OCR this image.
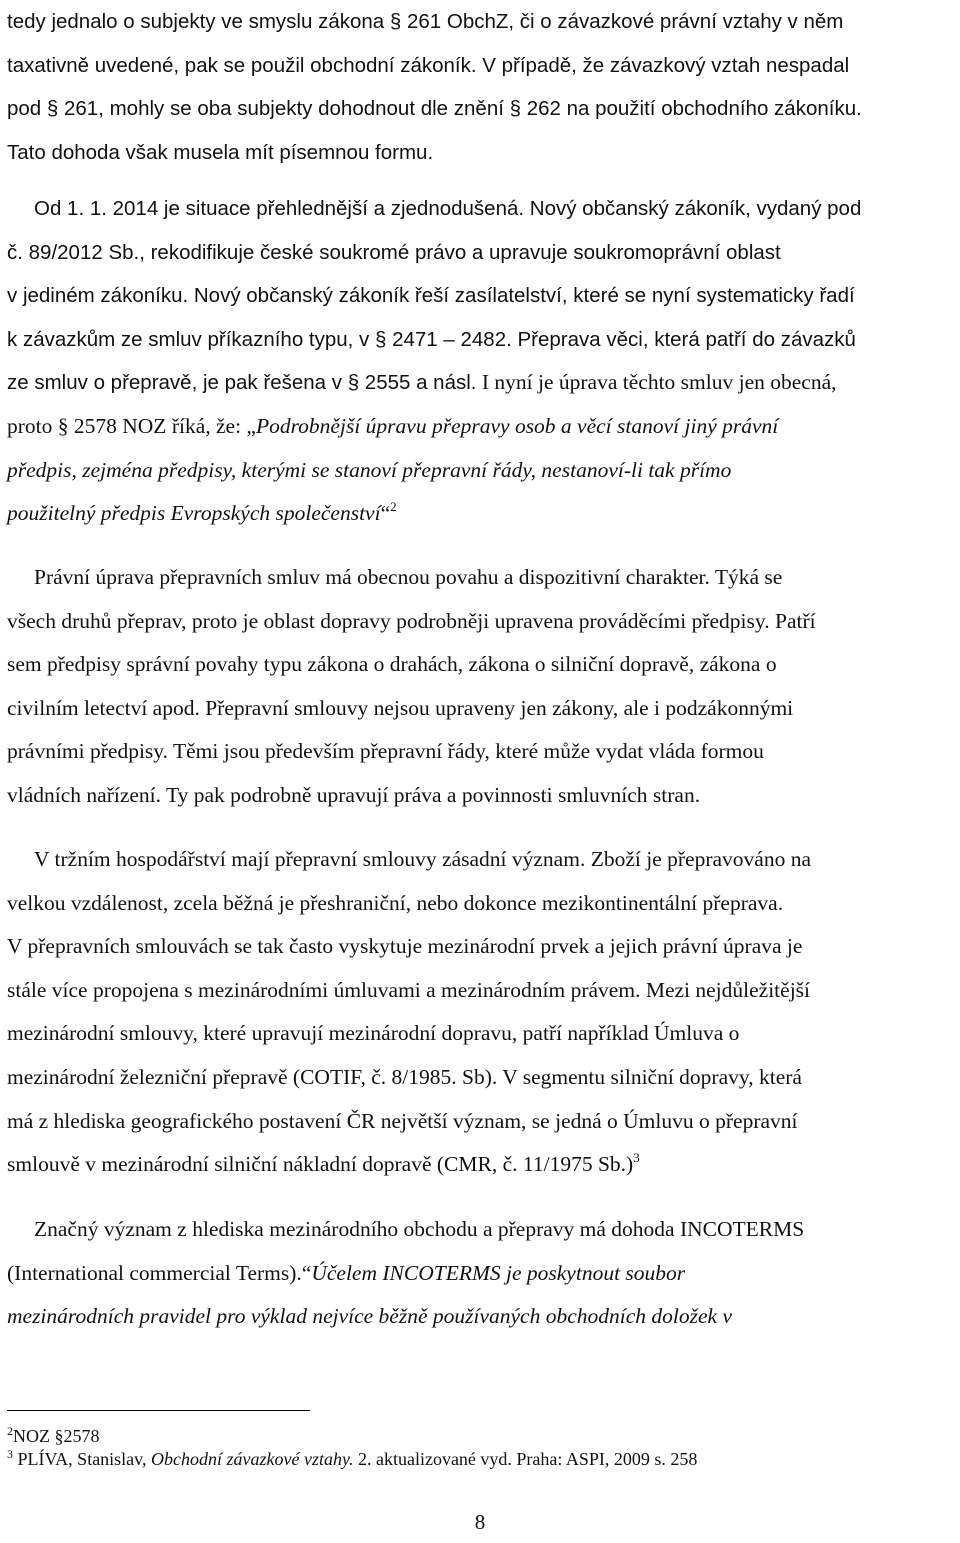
tedy jednalo o subjekty ve smyslu zákona § 261 ObchZ, či o závazkové právní vztahy v něm
taxativně uvedené, pak se použil obchodní zákoník. V případě, že závazkový vztah nespadal
pod § 261, mohly se oba subjekty dohodnout dle znění § 262 na použití obchodního zákoníku.
Tato dohoda však musela mít písemnou formu.
Od 1. 1. 2014 je situace přehlednější a zjednodušená. Nový občanský zákoník, vydaný pod
č. 89/2012 Sb., rekodifikuje české soukromé právo a upravuje soukromoprávní oblast
v jediném zákoníku. Nový občanský zákoník řeší zasílatelství, které se nyní systematicky řadí
k závazkům ze smluv příkazního typu, v § 2471 – 2482. Přeprava věci, která patří do závazků
ze smluv o přepravě, je pak řešena v § 2555 a násl. I nyní je úprava těchto smluv jen obecná,
proto § 2578 NOZ říká, že: „Podrobnější úpravu přepravy osob a věcí stanoví jiný právní
předpis, zejména předpisy, kterými se stanoví přepravní řády, nestanoví-li tak přímo
použitelný předpis Evropských společenství“$^2$
Právní úprava přepravních smluv má obecnou povahu a dispozitivní charakter. Týká se
všech druhů přeprav, proto je oblast dopravy podrobněji upravena prováděcími předpisy. Patří
sem předpisy správní povahy typu zákona o drahách, zákona o silniční dopravě, zákona o
civilním letectví apod. Přepravní smlouvy nejsou upraveny jen zákony, ale i podzákonnými
právními předpisy. Těmi jsou především přepravní řády, které může vydat vláda formou
vládních nařízení. Ty pak podrobně upravují práva a povinnosti smluvních stran.
V tržním hospodářství mají přepravní smlouvy zásadní význam. Zboží je přepravováno na
velkou vzdálenost, zcela běžná je přeshraniční, nebo dokonce mezikontinentální přeprava.
V přepravních smlouvách se tak často vyskytuje mezinárodní prvek a jejich právní úprava je
stále více propojena s mezinárodními úmluvami a mezinárodním právem. Mezi nejdůležitější
mezinárodní smlouvy, které upravují mezinárodní dopravu, patří například Úmluva o
mezinárodní železniční přepravě (COTIF, č. 8/1985. Sb). V segmentu silniční dopravy, která
má z hlediska geografického postavení ČR největší význam, se jedná o Úmluvu o přepravní
smlouvě v mezinárodní silniční nákladní dopravě (CMR, č. 11/1975 Sb.)$^3$
Značný význam z hlediska mezinárodního obchodu a přepravy má dohoda INCOTERMS
(International commercial Terms).“Účelem INCOTERMS je poskytnout soubor
mezinárodních pravidel pro výklad nejvíce běžně používaných obchodních doložek v
$^2$NOZ §2578
$^3$ PLÍVA, Stanislav, Obchodní závazkové vztahy. 2. aktualizované vyd. Praha: ASPI, 2009 s. 258
8
